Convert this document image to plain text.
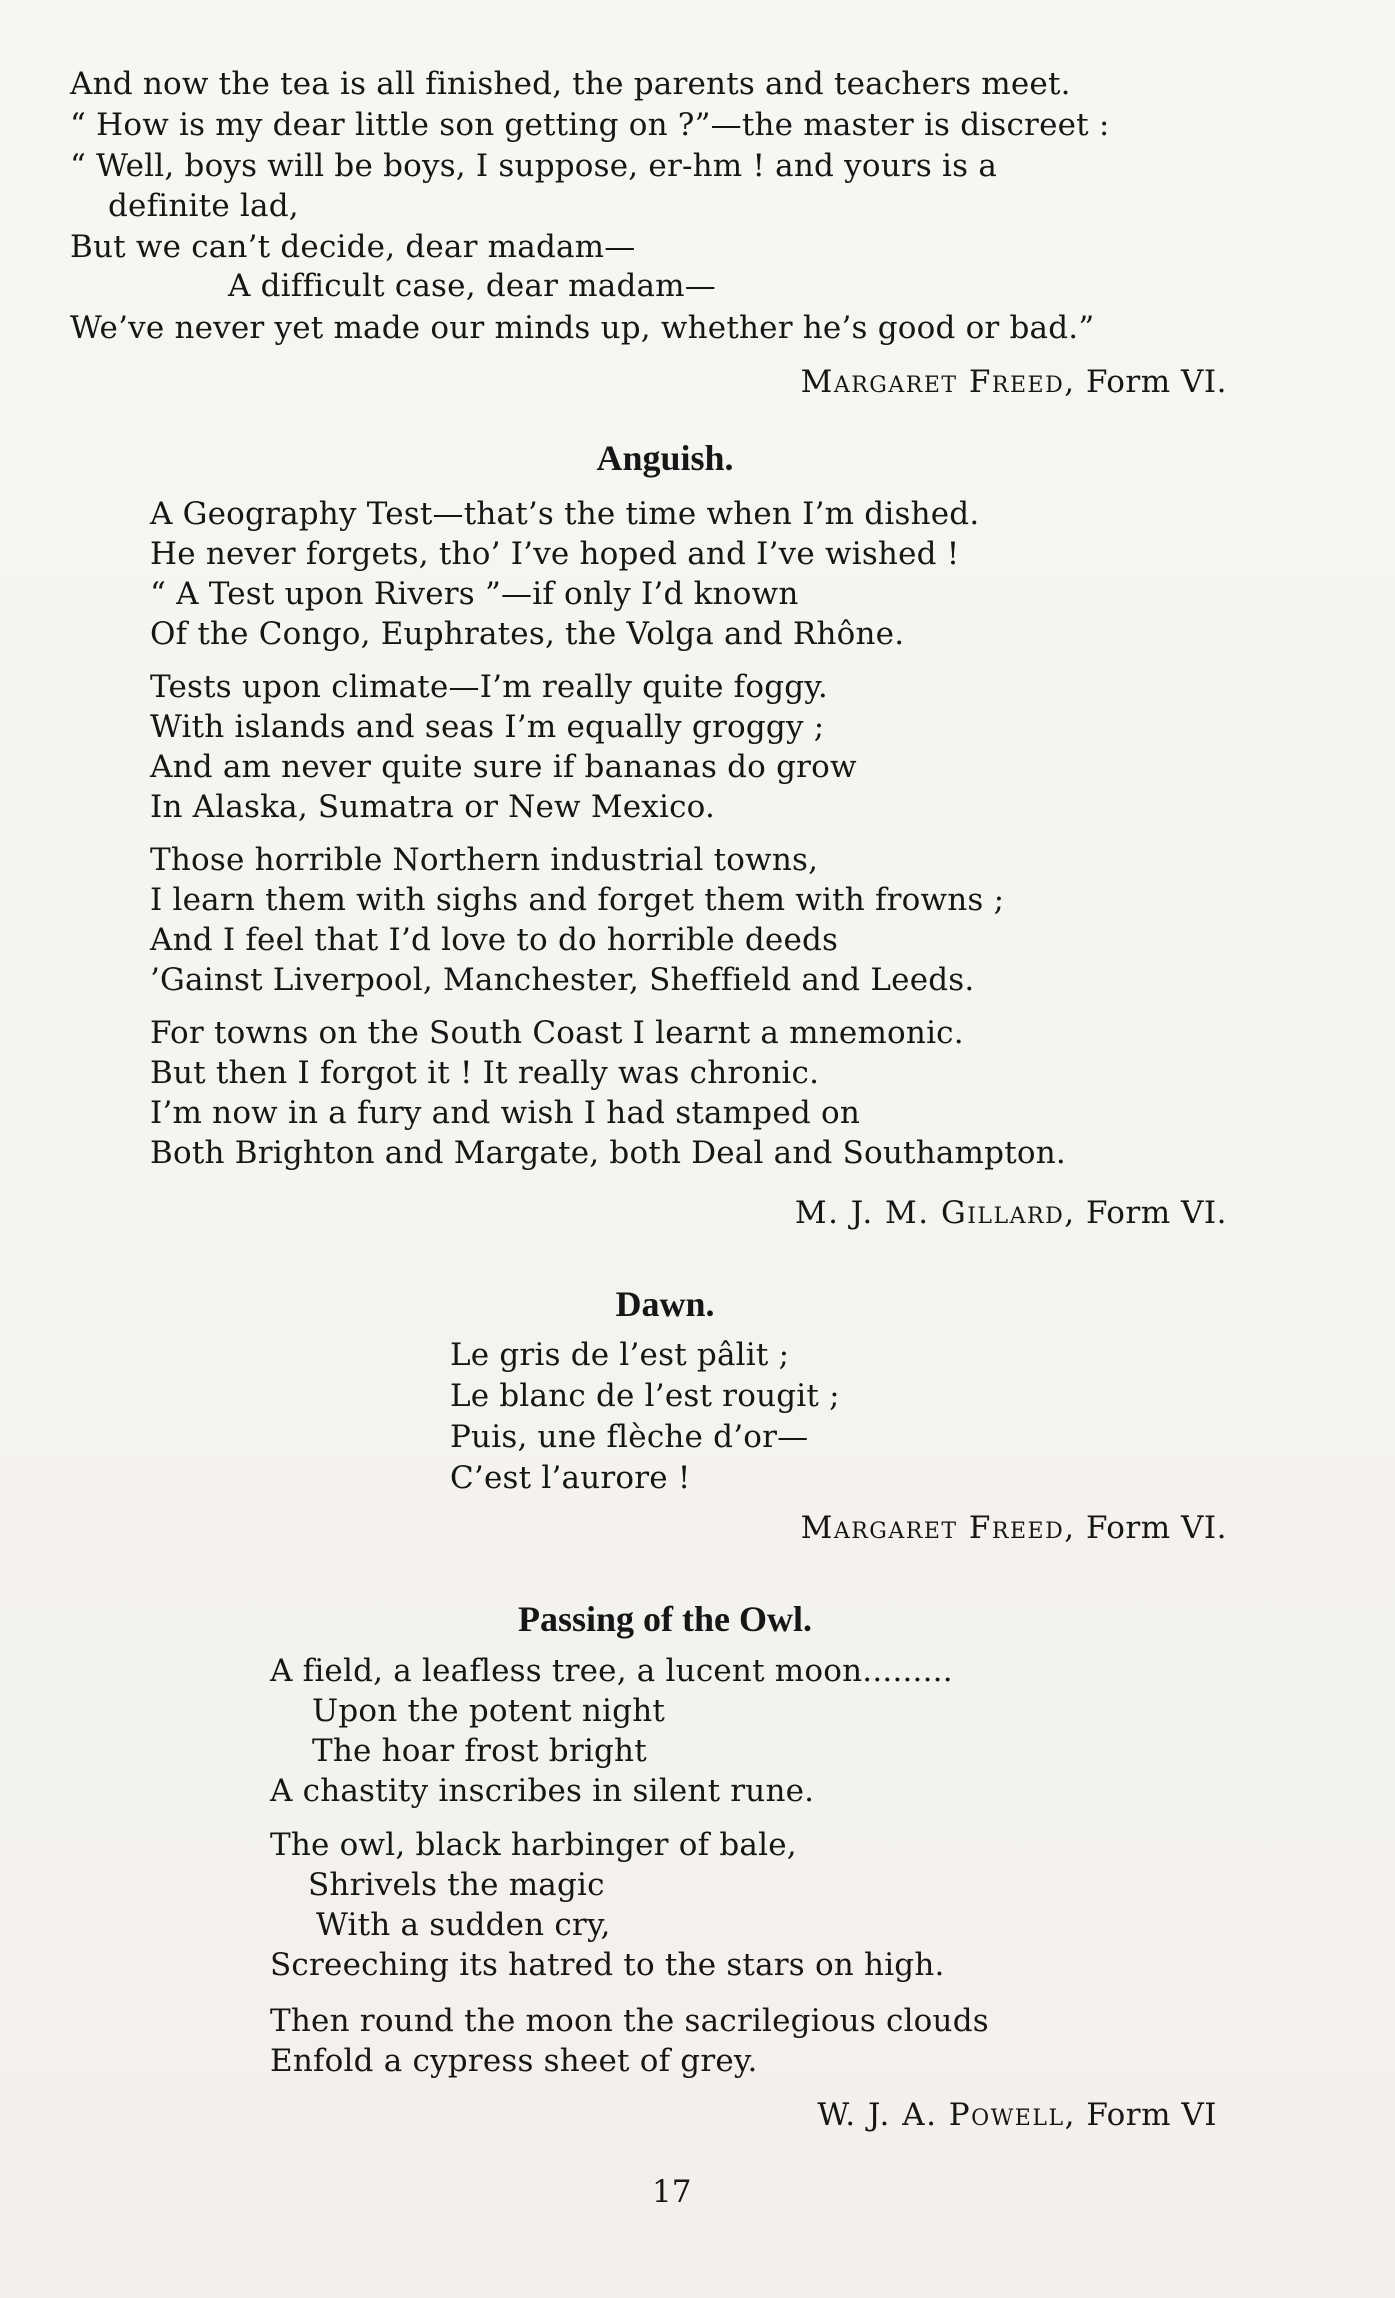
And now the tea is all finished, the parents and teachers meet.
“ How is my dear little son getting on ?”—the master is discreet :
“ Well, boys will be boys, I suppose, er-hm ! and yours is a
definite lad,
But we can’t decide, dear madam—
A difficult case, dear madam—
We’ve never yet made our minds up, whether he’s good or bad.”
Margaret Freed, Form VI.
Anguish.
A Geography Test—that’s the time when I’m dished.
He never forgets, tho’ I’ve hoped and I’ve wished !
“ A Test upon Rivers ”—if only I’d known
Of the Congo, Euphrates, the Volga and Rhône.
Tests upon climate—I’m really quite foggy.
With islands and seas I’m equally groggy ;
And am never quite sure if bananas do grow
In Alaska, Sumatra or New Mexico.
Those horrible Northern industrial towns,
I learn them with sighs and forget them with frowns ;
And I feel that I’d love to do horrible deeds
’Gainst Liverpool, Manchester, Sheffield and Leeds.
For towns on the South Coast I learnt a mnemonic.
But then I forgot it ! It really was chronic.
I’m now in a fury and wish I had stamped on
Both Brighton and Margate, both Deal and Southampton.
M. J. M. Gillard, Form VI.
Dawn.
Le gris de l’est pâlit ;
Le blanc de l’est rougit ;
Puis, une flèche d’or—
C’est l’aurore !
Margaret Freed, Form VI.
Passing of the Owl.
A field, a leafless tree, a lucent moon.........
Upon the potent night
The hoar frost bright
A chastity inscribes in silent rune.
The owl, black harbinger of bale,
Shrivels the magic
With a sudden cry,
Screeching its hatred to the stars on high.
Then round the moon the sacrilegious clouds
Enfold a cypress sheet of grey.
W. J. A. Powell, Form VI
17
